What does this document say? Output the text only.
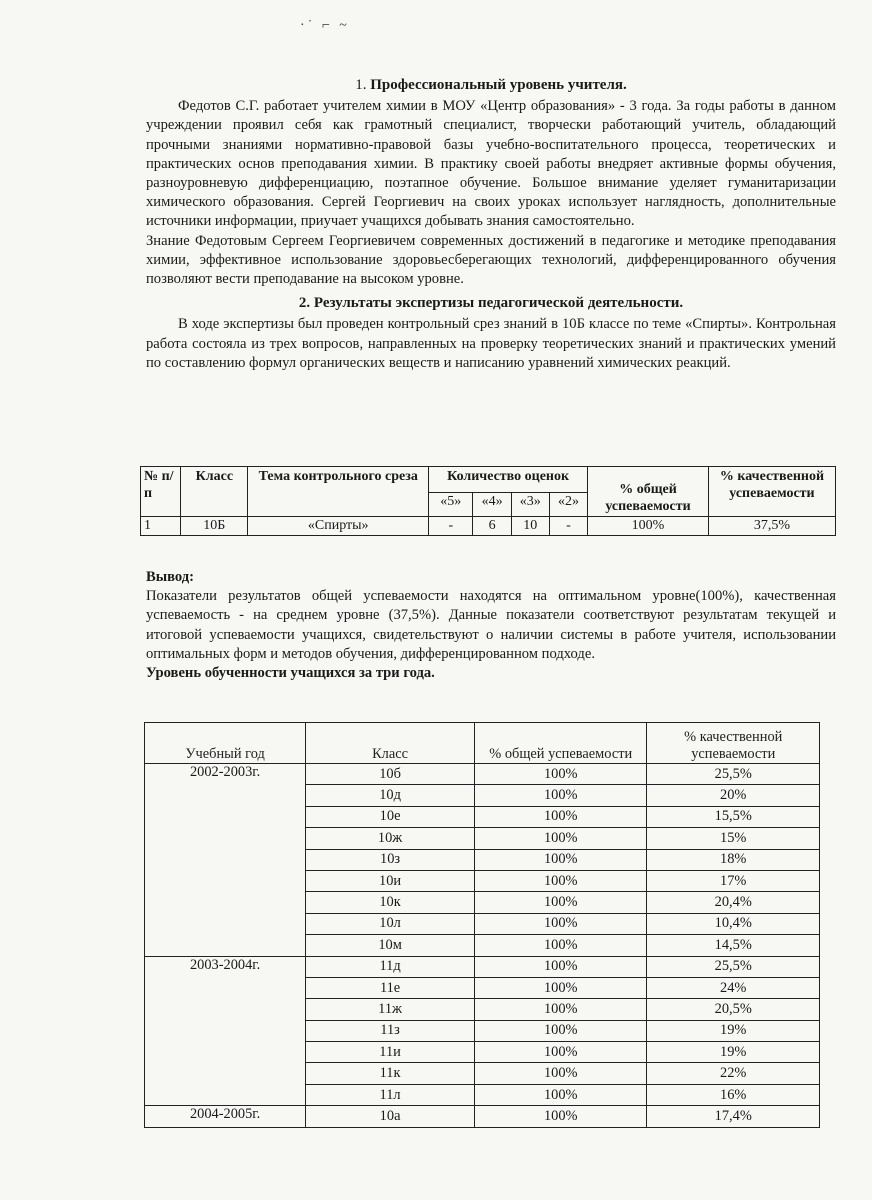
·˙ ⌐ ~
1. Профессиональный уровень учителя.

Федотов С.Г. работает учителем химии в МОУ «Центр образования» - 3 года. За годы работы в данном учреждении проявил себя как грамотный специалист, творчески работающий учитель, обладающий прочными знаниями нормативно-правовой базы учебно-воспитательного процесса, теоретических и практических основ преподавания химии. В практику своей работы внедряет активные формы обучения, разноуровневую дифференциацию, поэтапное обучение. Большое внимание уделяет гуманитаризации химического образования. Сергей Георгиевич на своих уроках использует наглядность, дополнительные источники информации, приучает учащихся добывать знания самостоятельно.

Знание Федотовым Сергеем Георгиевичем современных достижений в педагогике и методике преподавания химии, эффективное использование здоровьесберегающих технологий, дифференцированного обучения позволяют вести преподавание на высоком уровне.

2. Результаты экспертизы педагогической деятельности.

В ходе экспертизы был проведен контрольный срез знаний в 10Б классе по теме «Спирты». Контрольная работа состояла из трех вопросов, направленных на проверку теоретических знаний и практических умений по составлению формул органических веществ и написанию уравнений химических реакций.

№ п/п	Класс	Тема контрольного среза	Количество оценок				% общей успеваемости	% качественной успеваемости
			«5»	«4»	«3»	«2»		
1	10Б	«Спирты»	-	6	10	-	100%	37,5%
Вывод:

Показатели результатов общей успеваемости находятся на оптимальном уровне(100%), качественная успеваемость - на среднем уровне (37,5%). Данные показатели соответствуют результатам текущей и итоговой успеваемости учащихся, свидетельствуют о наличии системы в работе учителя, использовании оптимальных форм и методов обучения, дифференцированном подходе.

Уровень обученности учащихся за три года.
Учебный год	Класс	% общей успеваемости	% качественной успеваемости
2002-2003г.	10б	100%	25,5%
	10д	100%	20%
	10е	100%	15,5%
	10ж	100%	15%
	10з	100%	18%
	10и	100%	17%
	10к	100%	20,4%
	10л	100%	10,4%
	10м	100%	14,5%
2003-2004г.	11д	100%	25,5%
	11е	100%	24%
	11ж	100%	20,5%
	11з	100%	19%
	11и	100%	19%
	11к	100%	22%
	11л	100%	16%
2004-2005г.	10а	100%	17,4%
